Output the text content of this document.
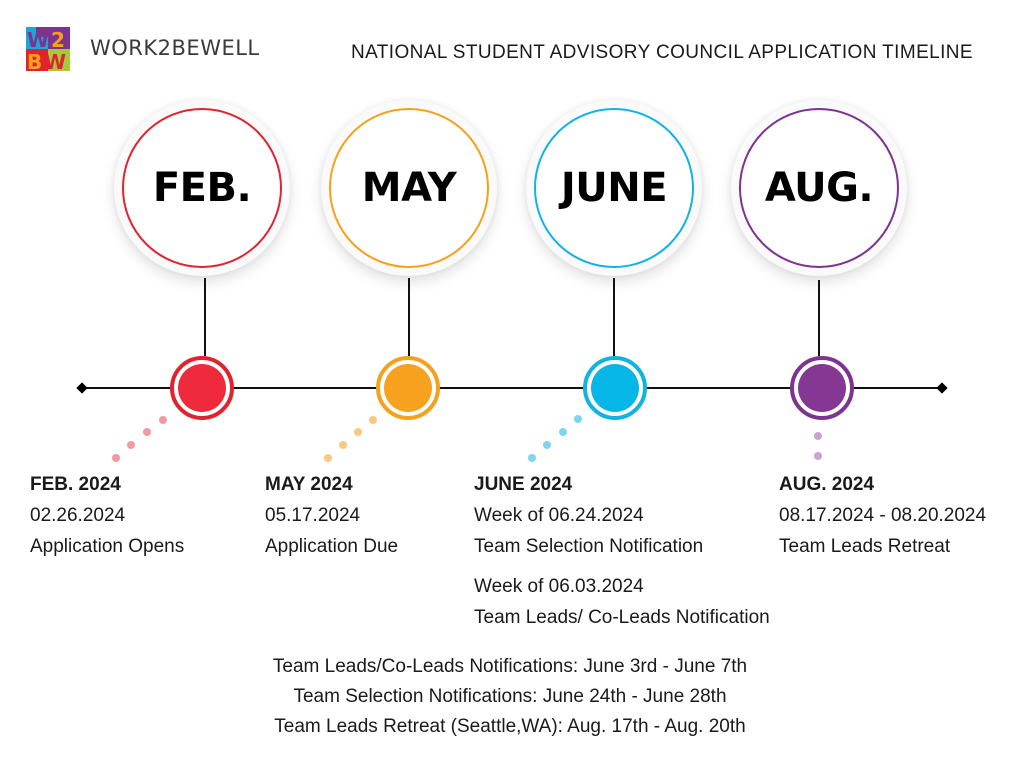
W 2
B W
WORK2BEWELL	NATIONAL STUDENT ADVISORY COUNCIL APPLICATION TIMELINE
FEB.	MAY	JUNE AUG.
FEB. 2024
02.26.2024
Application Opens
MAY 2024
05.17.2024
Application Due
JUNE 2024
Week of 06.24.2024
Team Selection Notification
Week of 06.03.2024
Team Leads/ Co-Leads Notification
AUG. 2024
08.17.2024 - 08.20.2024
Team Leads Retreat
Team Leads/Co-Leads Notifications: June 3rd - June 7th
Team Selection Notifications: June 24th - June 28th
Team Leads Retreat (Seattle,WA): Aug. 17th - Aug. 20th
